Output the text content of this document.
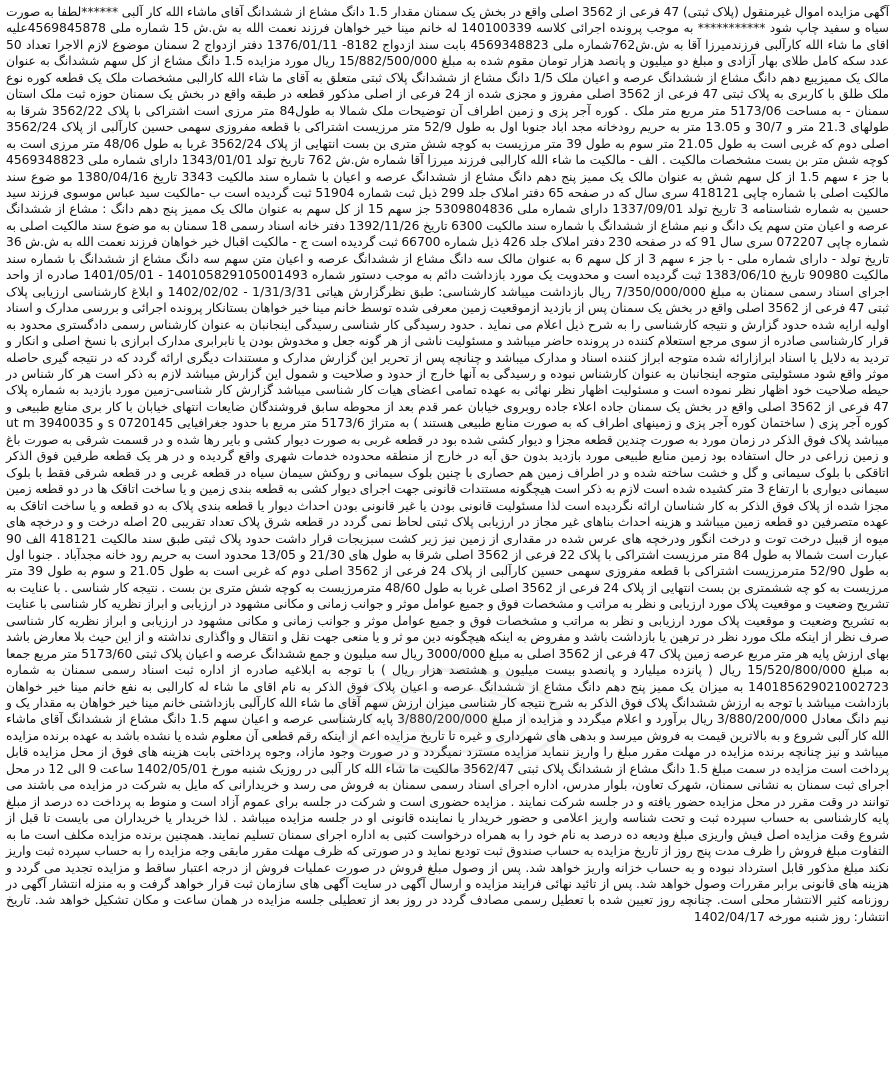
آگهی مزایده اموال غیرمنقول (پلاک ثبتی) 47 فرعی از 3562 اصلی واقع در بخش یک سمنان مقدار 1.5 دانگ مشاع از ششدانگ آقای ماشاء الله کار آلبی ******لطفا به صورت سیاه و سفید چاپ شود *********** به موجب پرونده اجرائی کلاسه 140100339 له خانم مینا خیر خواهان فرزند نعمت الله به ش.ش 15 شماره ملی 4569845878علیه اقای ما شاء الله کارآلبی فرزندمیرزا آقا به ش.ش762شماره ملی 4569348823 بابت سند ازدواج 8182- 1376/01/11 دفتر ازدواج 2 سمنان موضوع لازم الاجرا تعداد 50 عدد سکه کامل طلای بهار آزادی و مبلغ دو میلیون و پانصد هزار تومان مقوم شده به مبلغ 15/882/500/000 ریال مورد مزایده 1.5 دانگ مشاع از کل سهم ششدانگ به عنوان مالک یک ممیزیبع دهم دانگ مشاع از ششدانگ عرصه و اعیان ملک 1/5 دانگ مشاع از ششدانگ پلاک ثبتی متعلق به آقای ما شاء الله کارالبی مشخصات ملک یک قطعه کوره نوع ملک طلق با کاربری به پلاک ثبتی 47 فرعی از 3562 اصلی مفروز و مجزی شده از 24 فرعی از اصلی مذکور قطعه در طبقه واقع در بخش یک سمنان حوزه ثبت ملک استان سمنان - به مساحت 5173/06 متر مربع متر ملک . کوره آجر پزی و زمین اطراف آن توضیحات ملک شمالا به طول84 متر مرزی است اشتراکی با پلاک 3562/22 شرقا به طولهای 21.3 متر و 30/7 و 13.05 متر به حریم رودخانه مجد اباد جنوبا اول به طول 52/9 متر مرزیست اشتراکی با قطعه مفروزی سهمی حسین کارآلبی از پلاک 3562/24 اصلی دوم که غربی است به طول 21.05 متر سوم به طول 39 متر مرزیست به کوچه شش متری بن بست انتهایی از پلاک 3562/24 غربا به طول 48/06 متر مرزی است به کوچه شش متر بن بست مشخصات مالکیت . الف - مالکیت ما شاء الله کارالبی فرزند میرزا آقا شماره ش.ش 762 تاریخ تولد 1343/01/01 دارای شماره ملی 4569348823 با جز ء سهم 1.5 از کل سهم شش به عنوان مالک یک ممیز پنج دهم دانگ مشاع از ششدانگ عرصه و اعیان با شماره سند مالکیت 3343 تاریخ 1380/04/16 مو ضوع سند مالکیت اصلی با شماره چاپی 418121 سری سال که در صفحه 65 دفتر املاک جلد 299 ذیل ثبت شماره 51904 ثبت گردیده است ب -مالکیت سید عباس موسوی فرزند سید حسین به شماره شناسنامه 3 تاریخ تولد 1337/09/01 دارای شماره ملی 5309804836 جز سهم 15 از کل سهم به عنوان مالک یک ممیز پنج دهم دانگ : مشاع از ششدانگ عرصه و اعیان متن سهم یک دانگ و نیم مشاع از ششدانگ با شماره سند مالکیت 6300 تاریخ 1392/11/26 دفتر خانه اسناد رسمی 18 سمنان به مو ضوع سند مالکیت اصلی به شماره چاپی 072207 سری سال 91 که در صفحه 230 دفتر املاک جلد 426 ذیل شماره 66700 ثبت گردیده است ج - مالکیت اقبال خیر خواهان فرزند نعمت الله به ش.ش 36 تاریخ تولد - دارای شماره ملی - با جز ء سهم 3 از کل سهم 6 به عنوان مالک سه دانگ مشاع از ششدانگ عرصه و اعیان متن سهم سه دانگ مشاع از ششدانگ با شماره سند مالکیت 90980 تاریخ 1383/06/10 ثبت گردیده است و محدویت یک مورد بازداشت دائم به موجب دستور شماره 140105829105001493 - 1401/05/01 صادره از واحد اجرای اسناد رسمی سمنان به مبلغ 7/350/000/000 ریال بازداشت میباشد کارشناسی: طبق نظرگزارش هیاتی 1/31/3/31 - 1402/02/02 و ابلاغ کارشناسی ارزیابی پلاک ثبتی 47 فرعی از 3562 اصلی واقع در بخش یک سمنان پس از بازدید ازموقعیت زمین معرفی شده توسط خانم مینا خیر خواهان بستانکار پرونده اجرائی و بررسی مدارک و اسناد اولیه ارایه شده حدود گزارش و نتیجه کارشناسی را به شرح ذیل اعلام می نماید . حدود رسیدگی کار شناسی رسیدگی اینجانبان به عنوان کارشناس رسمی دادگستری محدود به قرار کارشناسی صادره از سوی مرجع استعلام کننده در پرونده حاضر میباشد و مسئولیت ناشی از هر گونه جعل و مخدوش بودن یا نابرابری مدارک ابرازی با نسخ اصلی و انکار و تردید به دلایل یا اسناد ابرازارائه شده متوجه ابراز کننده اسناد و مدارک میباشد و چنانچه پس از تحریر این گزارش مدارک و مستندات دیگری ارائه گردد که در نتیجه گیری حاصله موثر واقع شود مسئولیتی متوجه اینجانبان به عنوان کارشناس نبوده و رسیدگی به آنها خارج از حدود و صلاحیت و شمول این گزارش میباشد لازم به ذکر است هر کار شناس در حیطه صلاحیت خود اظهار نظر نموده است و مسئولیت اظهار نظر نهائی به عهده تمامی اعضای هیات کار شناسی میباشد گزارش کار شناسی-زمین مورد بازدید به شماره پلاک 47 فرعی از 3562 اصلی واقع در بخش یک سمنان جاده اعلاء جاده روبروی خیابان عمر قدم بعد از محوطه سابق فروشندگان ضایعات انتهای خیابان با کار بری منابع طبیعی و کوره آجر پزی ( ساختمان کوره آجر پزی و زمینهای اطراف که به صورت منابع طبیعی هستند ) به متراژ 5173/6 متر مربع با حدود جغرافیایی 0720145 s و 3940035 ut m میباشد پلاک فوق الذکر در زمان مورد به صورت چندین قطعه مجزا و دیوار کشی شده بود در قطعه غربی به صورت دیوار کشی و بایر رها شده و در قسمت شرقی به صورت باغ و زمین زراعی در حال استفاده بود زمین منابع طبیعی مورد بازدید بدون حق آبه در خارج از منطقه محدوده خدمات شهری واقع گردیده و در هر یک قطعه طرفین فوق الذکر اتاقکی با بلوک سیمانی و گل و خشت ساخته شده و در اطراف زمین هم حصاری با چنین بلوک سیمانی و روکش سیمان سیاه در قطعه غربی و در قطعه شرقی فقط با بلوک سیمانی دیواری با ارتفاع 3 متر کشیده شده است لازم به ذکر است هیچگونه مستندات قانونی جهت اجرای دیوار کشی به قطعه بندی زمین و یا ساخت اتاقک ها در دو قطعه زمین مجزا شده از پلاک فوق الذکر به کار شناسان ارائه نگردیده است لذا مسئولیت قانونی بودن یا غیر قانونی بودن احداث دیوار یا قطعه بندی پلاک به دو قطعه و یا ساخت اتاقک به عهده متصرفین دو قطعه زمین میباشد و هزینه احداث بناهای غیر مجاز در ارزیابی پلاک ثبتی لحاظ نمی گردد در قطعه شرق پلاک تعداد تقریبی 20 اصله درخت و و درخچه های میوه از قبیل درخت توت و درخت انگور ودرخچه های عرس شده در مقداری از زمین نیز زیر کشت سبزیجات قرار داشت حدود پلاک ثبتی طبق سند مالکیت 418121 الف 90 عبارت است شمالا به طول 84 متر مرزیست اشتراکی با پلاک 22 فرعی از 3562 اصلی شرقا به طول های 21/30 و 13/05 محدود است به حریم رود خانه مجدآباد . جنوبا اول به طول 52/90 مترمرزیست اشتراکی با قطعه مفروزی سهمی حسین کارآلبی از پلاک 24 فرعی از 3562 اصلی دوم که غربی است به طول 21.05 و سوم به طول 39 متر مرزیست به کو چه ششمتری بن بست انتهایی از پلاک 24 فرعی از 3562 اصلی غربا به طول 48/60 مترمرزیست به کوچه شش متری بن بست . نتیجه کار شناسی . با عنایت به تشریح وضعیت و موقعیت پلاک مورد ارزیابی و نظر به مراتب و مشخصات فوق و جمیع عوامل موثر و جوانب زمانی و مکانی مشهود در ارزیابی و ابراز نظریه کار شناسی با عنایت به تشریح وضعیت و موقعیت پلاک مورد ارزیابی و نظر به مراتب و مشخصات فوق و جمیع عوامل موثر و جوانب زمانی و مکانی مشهود در ارزیابی و ابراز نظریه کار شناسی صرف نظر از اینکه ملک مورد نظر در ترهین یا بازداشت باشد و مفروض به اینکه هیچگونه دین مو ثر و یا منعی جهت نقل و انتقال و واگذاری نداشته و از این حیث بلا معارض باشد بهای ارزش پایه هر متر مربع عرصه زمین پلاک 47 فرعی از 3562 اصلی به مبلغ 3000/000 ریال سه میلیون و جمع ششدانگ عرصه و اعیان پلاک ثبتی 5173/60 متر مربع جمعا به مبلغ 15/520/800/000 ریال ( پانزده میلیارد و پانصدو بیست میلیون و هشتصد هزار ریال ) با توجه به ابلاغیه صادره از اداره ثبت اسناد رسمی سمنان به شماره 140185629021002723 به میزان یک ممیز پنج دهم دانگ مشاع از ششدانگ عرصه و اعیان پلاک فوق الذکر به نام اقای ما شاء له کارالبی به نفع خانم مینا خیر خواهان بازداشت میباشد با توجه به ارزش ششدانگ پلاک فوق الذکر به شرح نتیجه کار شناسی میزان ارزش سهم آقای ما شاء الله کارآلبی بازداشتی خانم مینا خیر خواهان به مقدار یک و نیم دانگ معادل 3/880/200/000 ریال برآورد و اعلام میگردد و مزایده از مبلغ 3/880/200/000 پایه کارشناسی عرصه و اعیان سهم 1.5 دانگ مشاع از ششدانگ آقای ماشاء الله کار آلبی شروع و به بالاترین قیمت به فروش میرسد و بدهی های شهرداری و غیره تا تاریخ مزایده اعم از اینکه رقم قطعی آن معلوم شده یا نشده باشد به عهده برنده مزایده میباشد و نیز چنانچه برنده مزایده در مهلت مقرر مبلغ را واریز ننماید مزایده مسترد نمیگردد و در صورت وجود مازاد، وجوه پرداختی بابت هزینه های فوق از محل مزایده قابل پرداخت است مزایده در سمت مبلغ 1.5 دانگ مشاع از ششدانگ پلاک ثبتی 3562/47 مالکیت ما شاء الله کار آلبی در روزیک شنبه مورخ 1402/05/01 ساعت 9 الی 12 در محل اجرای ثبت سمنان به نشانی سمنان، شهرک تعاون، بلوار مدرس، اداره اجرای اسناد رسمی سمنان به فروش می رسد و خریدارانی که مایل به شرکت در مزایده می باشند می توانند در وقت مقرر در محل مزایده حضور یافته و در جلسه شرکت نمایند . مزایده حضوری است و شرکت در جلسه برای عموم آزاد است و منوط به پرداخت ده درصد از مبلغ پایه کارشناسی به حساب سپرده ثبت و تحت شناسه واریز اعلامی و حضور خریدار یا نماینده قانونی او در جلسه مزایده میباشد . لذا خریدار یا خریداران می بایست تا قبل از شروع وقت مزایده اصل فیش واریزی مبلغ ودیعه ده درصد به نام خود را به همراه درخواست کتبی به اداره اجرای سمنان تسلیم نمایند. همچنین برنده مزایده مکلف است ما به التفاوت مبلغ فروش را ظرف مدت پنج روز از تاریخ مزایده به حساب صندوق ثبت تودیع نماید و در صورتی که ظرف مهلت مقرر مابقی وجه مزایده را به حساب سپرده ثبت واریز نکند مبلغ مذکور قابل استرداد نبوده و به حساب خزانه واریز خواهد شد. پس از وصول مبلغ فروش در صورت عملیات فروش از درجه اعتبار ساقط و مزایده تجدید می گردد و هزینه های قانونی برابر مقررات وصول خواهد شد. پس از تائید نهائی فرایند مزایده و ارسال آگهی در سایت آگهی های سازمان ثبت قرار خواهد گرفت و به منزله انتشار آگهی در روزنامه کثیر الانتشار محلی است. چنانچه روز تعیین شده با تعطیل رسمی مصادف گردد در روز بعد از تعطیلی جلسه مزایده در همان ساعت و مکان تشکیل خواهد شد. تاریخ انتشار: روز شنبه مورخه 1402/04/17
